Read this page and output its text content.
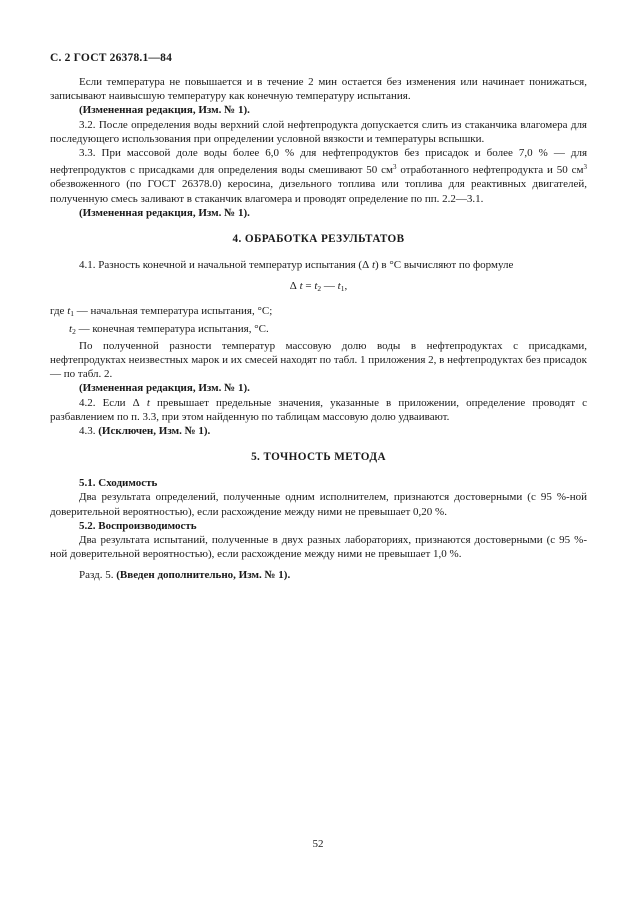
С. 2 ГОСТ 26378.1—84

Если температура не повышается и в течение 2 мин остается без изменения или начинает понижаться, записывают наивысшую температуру как конечную температуру испытания.

(Измененная редакция, Изм. № 1).

3.2. После определения воды верхний слой нефтепродукта допускается слить из стаканчика влагомера для последующего использования при определении условной вязкости и температуры вспышки.

3.3. При массовой доле воды более 6,0 % для нефтепродуктов без присадок и более 7,0 % — для нефтепродуктов с присадками для определения воды смешивают 50 $см^3$ отработанного нефтепродукта и 50 $см^3$ обезвоженного (по ГОСТ 26378.0) керосина, дизельного топлива или топлива для реактивных двигателей, полученную смесь заливают в стаканчик влагомера и проводят определение по пп. 2.2—3.1.

(Измененная редакция, Изм. № 1).

4. ОБРАБОТКА РЕЗУЛЬТАТОВ

4.1. Разность конечной и начальной температур испытания (Δ t) в °С вычисляют по формуле

Δ $t = t_2$ — $t_1$,

где $t_1$ — начальная температура испытания, °С;

$t_2$ — конечная температура испытания, °С.

По полученной разности температур массовую долю воды в нефтепродуктах с присадками, нефтепродуктах неизвестных марок и их смесей находят по табл. 1 приложения 2, в нефтепродуктах без присадок — по табл. 2.

(Измененная редакция, Изм. № 1).

4.2. Если Δ t превышает предельные значения, указанные в приложении, определение проводят с разбавлением по п. 3.3, при этом найденную по таблицам массовую долю удваивают.

4.3. (Исключен, Изм. № 1).

5. ТОЧНОСТЬ МЕТОДА

5.1. Сходимость

Два результата определений, полученные одним исполнителем, признаются достоверными (с 95 %-ной доверительной вероятностью), если расхождение между ними не превышает 0,20 %.

5.2. Воспроизводимость

Два результата испытаний, полученные в двух разных лабораториях, признаются достоверными (с 95 %-ной доверительной вероятностью), если расхождение между ними не превышает 1,0 %.

Разд. 5. (Введен дополнительно, Изм. № 1).

52
